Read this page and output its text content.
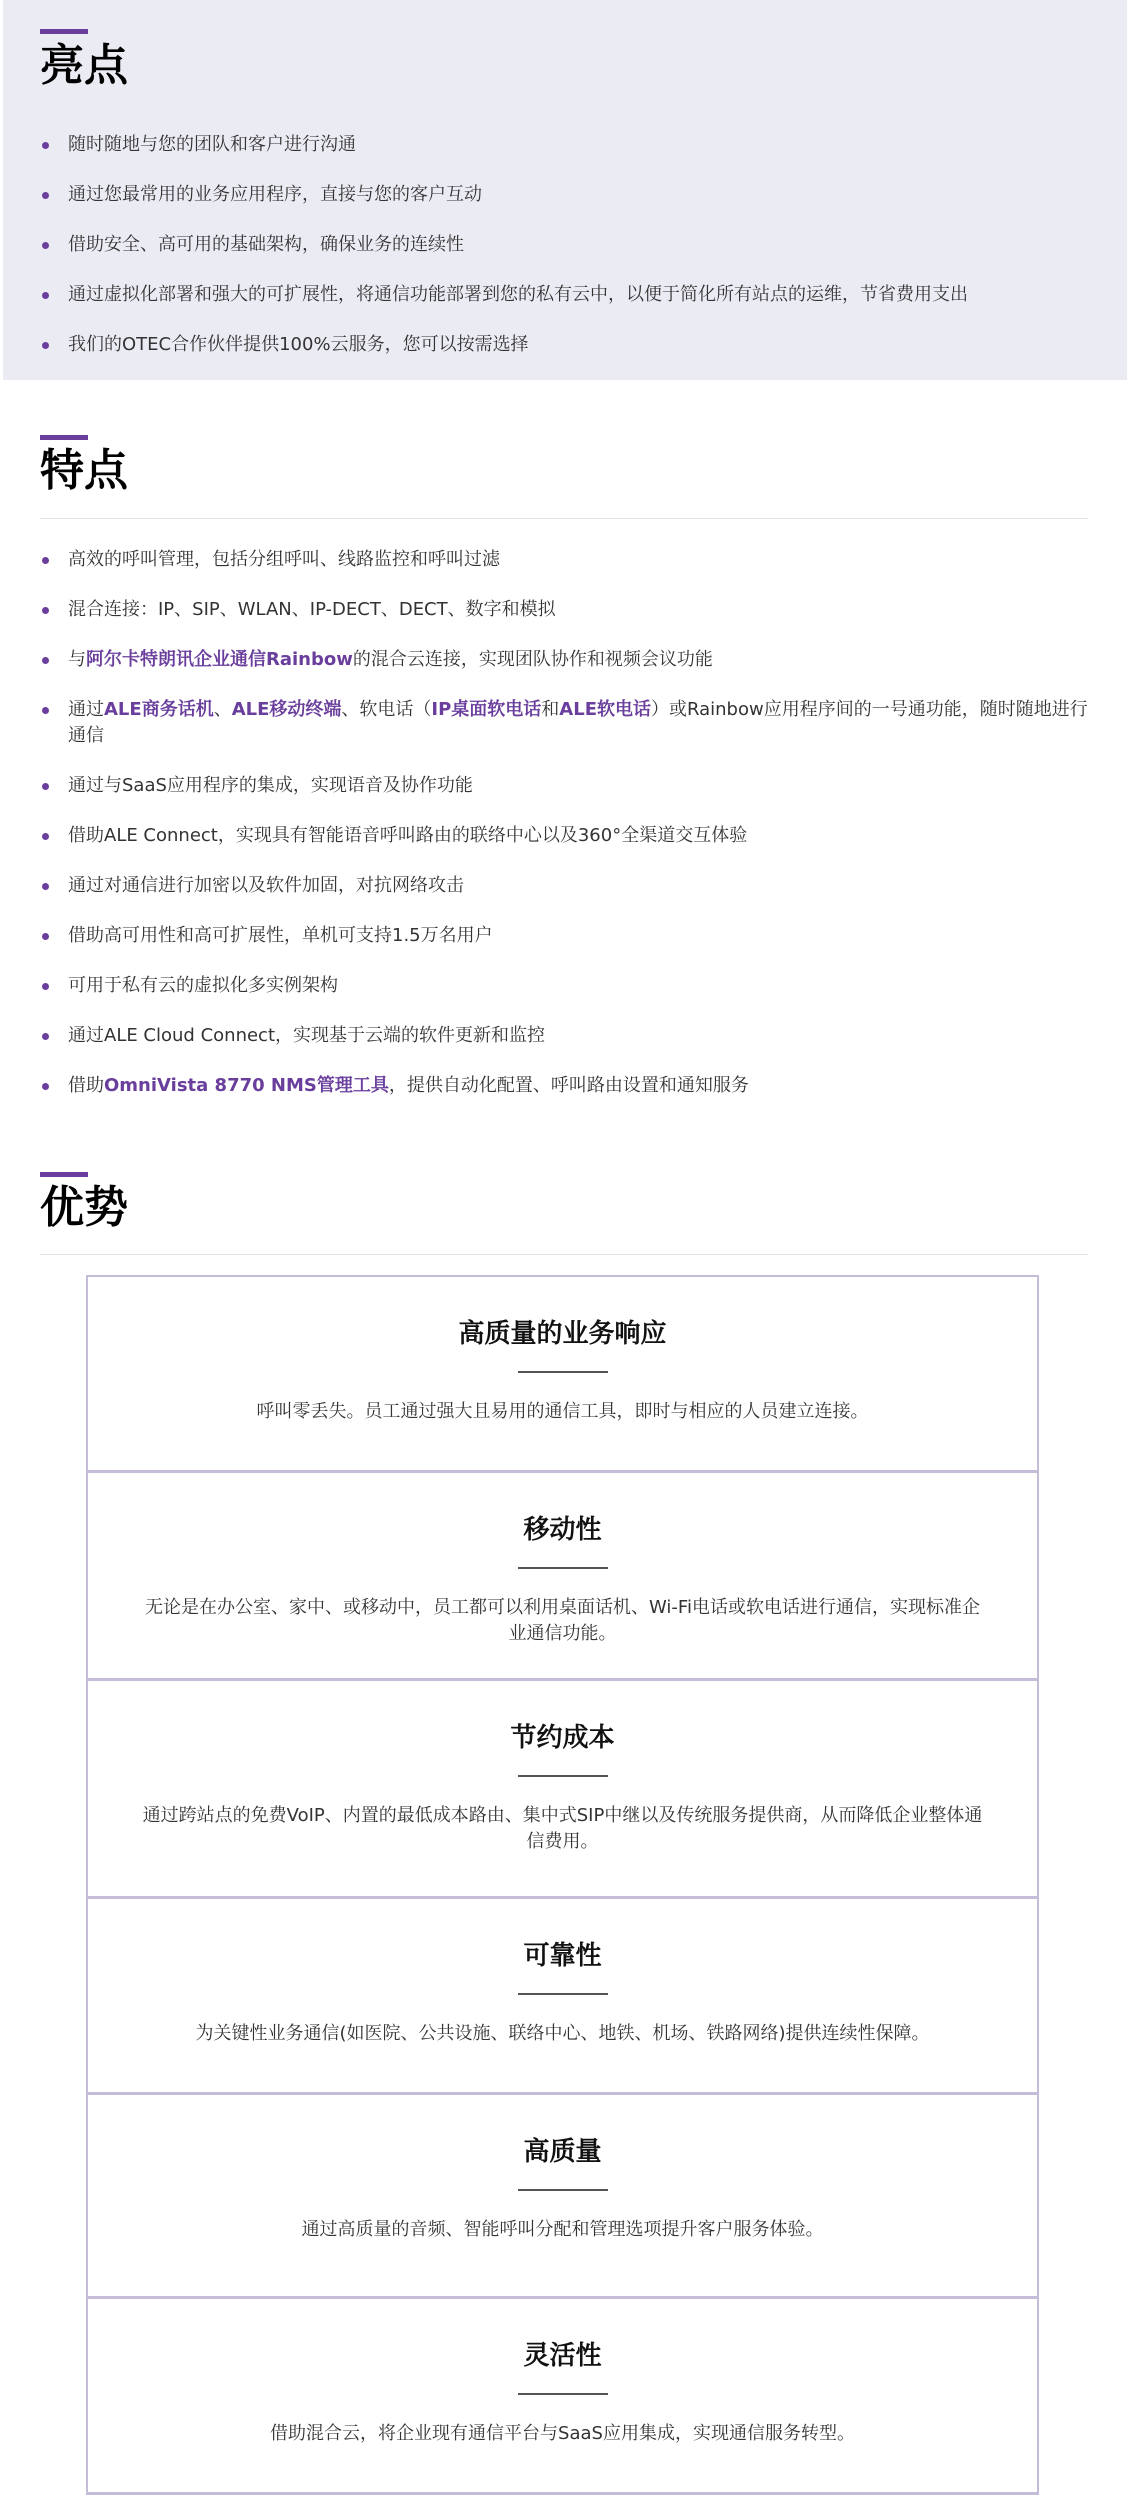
亮点
随时随地与您的团队和客户进行沟通
通过您最常用的业务应用程序，直接与您的客户互动
借助安全、高可用的基础架构，确保业务的连续性
通过虚拟化部署和强大的可扩展性，将通信功能部署到您的私有云中，以便于简化所有站点的运维，节省费用支出
我们的OTEC合作伙伴提供100%云服务，您可以按需选择
特点
高效的呼叫管理，包括分组呼叫、线路监控和呼叫过滤
混合连接：IP、SIP、WLAN、IP-DECT、DECT、数字和模拟
与阿尔卡特朗讯企业通信Rainbow的混合云连接，实现团队协作和视频会议功能
通过ALE商务话机、ALE移动终端、软电话（IP桌面软电话和ALE软电话）或Rainbow应用程序间的一号通功能，随时随地进行通信
通过与SaaS应用程序的集成，实现语音及协作功能
借助ALE Connect，实现具有智能语音呼叫路由的联络中心以及360°全渠道交互体验
通过对通信进行加密以及软件加固，对抗网络攻击
借助高可用性和高可扩展性，单机可支持1.5万名用户
可用于私有云的虚拟化多实例架构
通过ALE Cloud Connect，实现基于云端的软件更新和监控
借助OmniVista 8770 NMS管理工具，提供自动化配置、呼叫路由设置和通知服务
优势
高质量的业务响应

呼叫零丢失。员工通过强大且易用的通信工具，即时与相应的人员建立连接。

移动性

无论是在办公室、家中、或移动中，员工都可以利用桌面话机、Wi-Fi电话或软电话进行通信，实现标准企业通信功能。

节约成本

通过跨站点的免费VoIP、内置的最低成本路由、集中式SIP中继以及传统服务提供商，从而降低企业整体通信费用。

可靠性

为关键性业务通信(如医院、公共设施、联络中心、地铁、机场、铁路网络)提供连续性保障。

高质量

通过高质量的音频、智能呼叫分配和管理选项提升客户服务体验。

灵活性

借助混合云，将企业现有通信平台与SaaS应用集成，实现通信服务转型。
